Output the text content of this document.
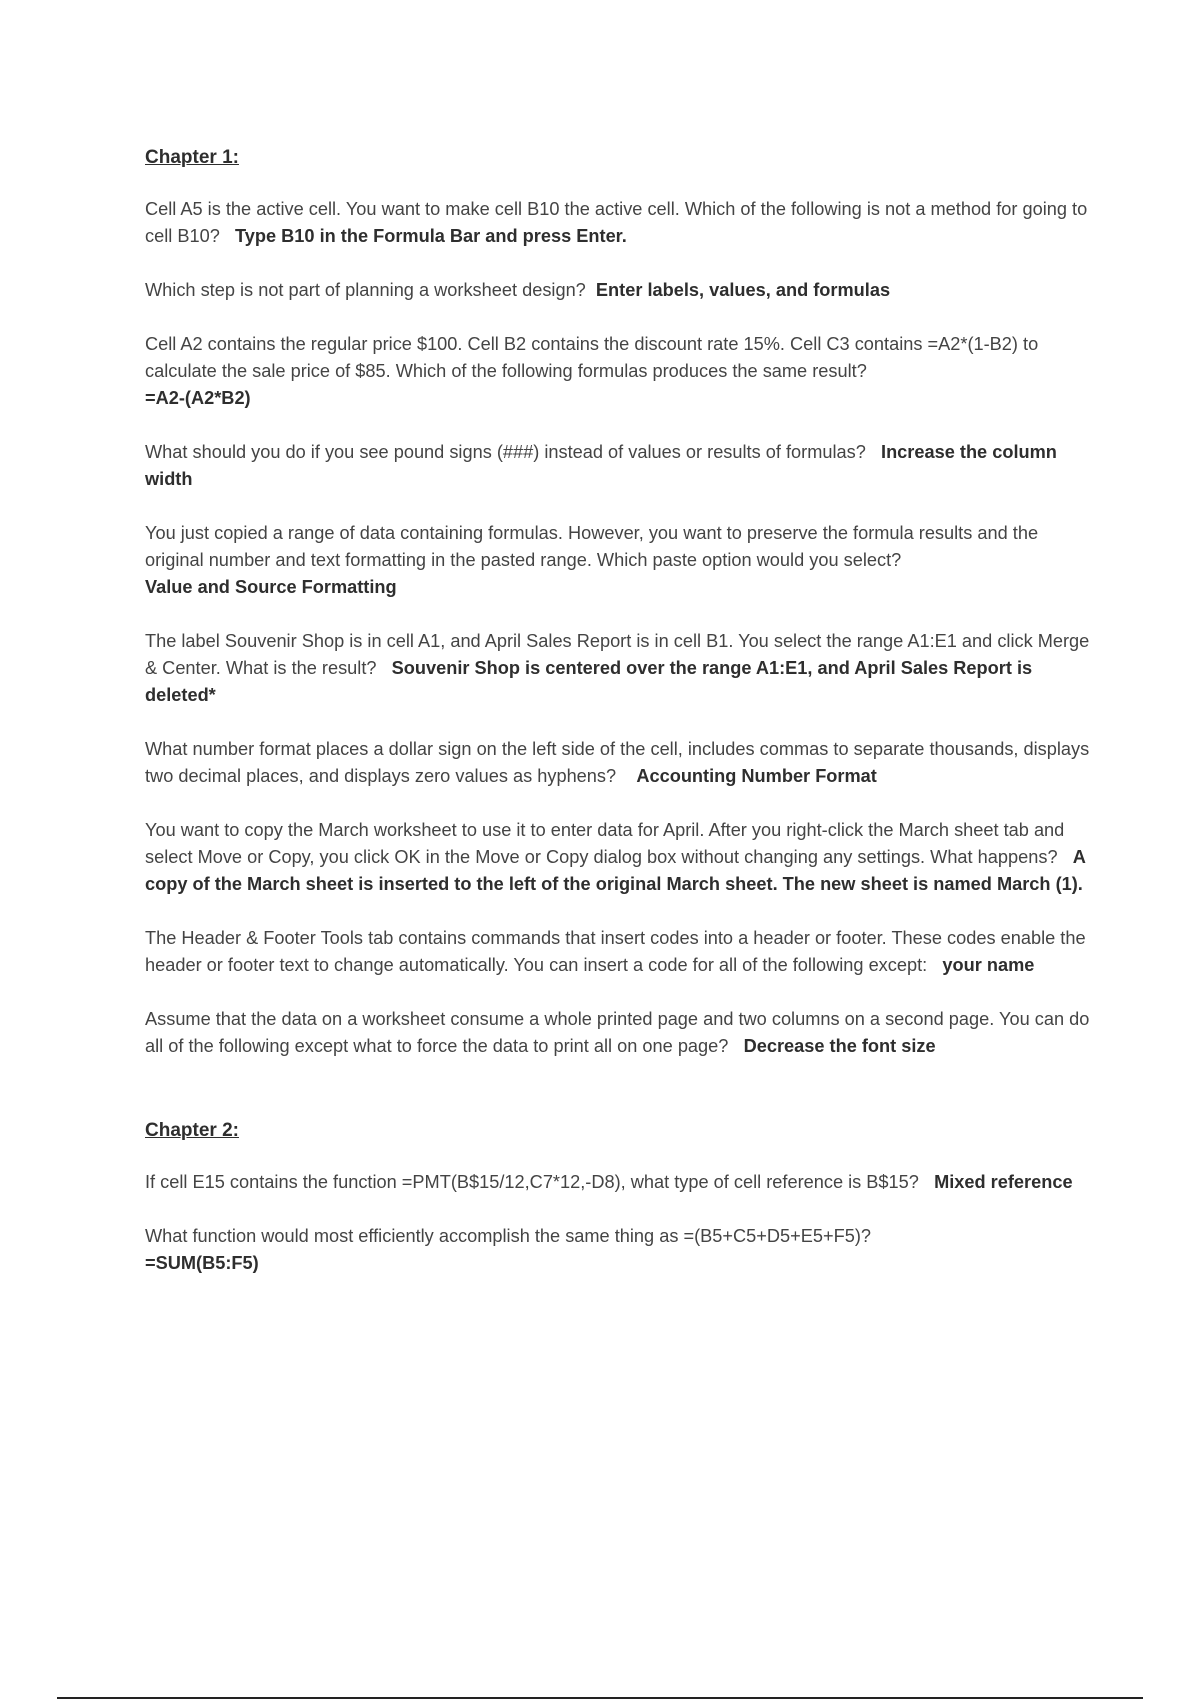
Chapter 1:

Cell A5 is the active cell. You want to make cell B10 the active cell. Which of the following is not a method for going to cell B10? Type B10 in the Formula Bar and press Enter.

Which step is not part of planning a worksheet design? Enter labels, values, and formulas

Cell A2 contains the regular price $100. Cell B2 contains the discount rate 15%. Cell C3 contains =A2*(1-B2) to calculate the sale price of $85. Which of the following formulas produces the same result?
=A2-(A2*B2)

What should you do if you see pound signs (###) instead of values or results of formulas? Increase the column width

You just copied a range of data containing formulas. However, you want to preserve the formula results and the original number and text formatting in the pasted range. Which paste option would you select?
Value and Source Formatting

The label Souvenir Shop is in cell A1, and April Sales Report is in cell B1. You select the range A1:E1 and click Merge & Center. What is the result? Souvenir Shop is centered over the range A1:E1, and April Sales Report is deleted*

What number format places a dollar sign on the left side of the cell, includes commas to separate thousands, displays two decimal places, and displays zero values as hyphens? Accounting Number Format

You want to copy the March worksheet to use it to enter data for April. After you right-click the March sheet tab and select Move or Copy, you click OK in the Move or Copy dialog box without changing any settings. What happens? A copy of the March sheet is inserted to the left of the original March sheet. The new sheet is named March (1).

The Header & Footer Tools tab contains commands that insert codes into a header or footer. These codes enable the header or footer text to change automatically. You can insert a code for all of the following except: your name

Assume that the data on a worksheet consume a whole printed page and two columns on a second page. You can do all of the following except what to force the data to print all on one page? Decrease the font size

Chapter 2:

If cell E15 contains the function =PMT(B$15/12,C7*12,-D8), what type of cell reference is B$15? Mixed reference

What function would most efficiently accomplish the same thing as =(B5+C5+D5+E5+F5)?
=SUM(B5:F5)
